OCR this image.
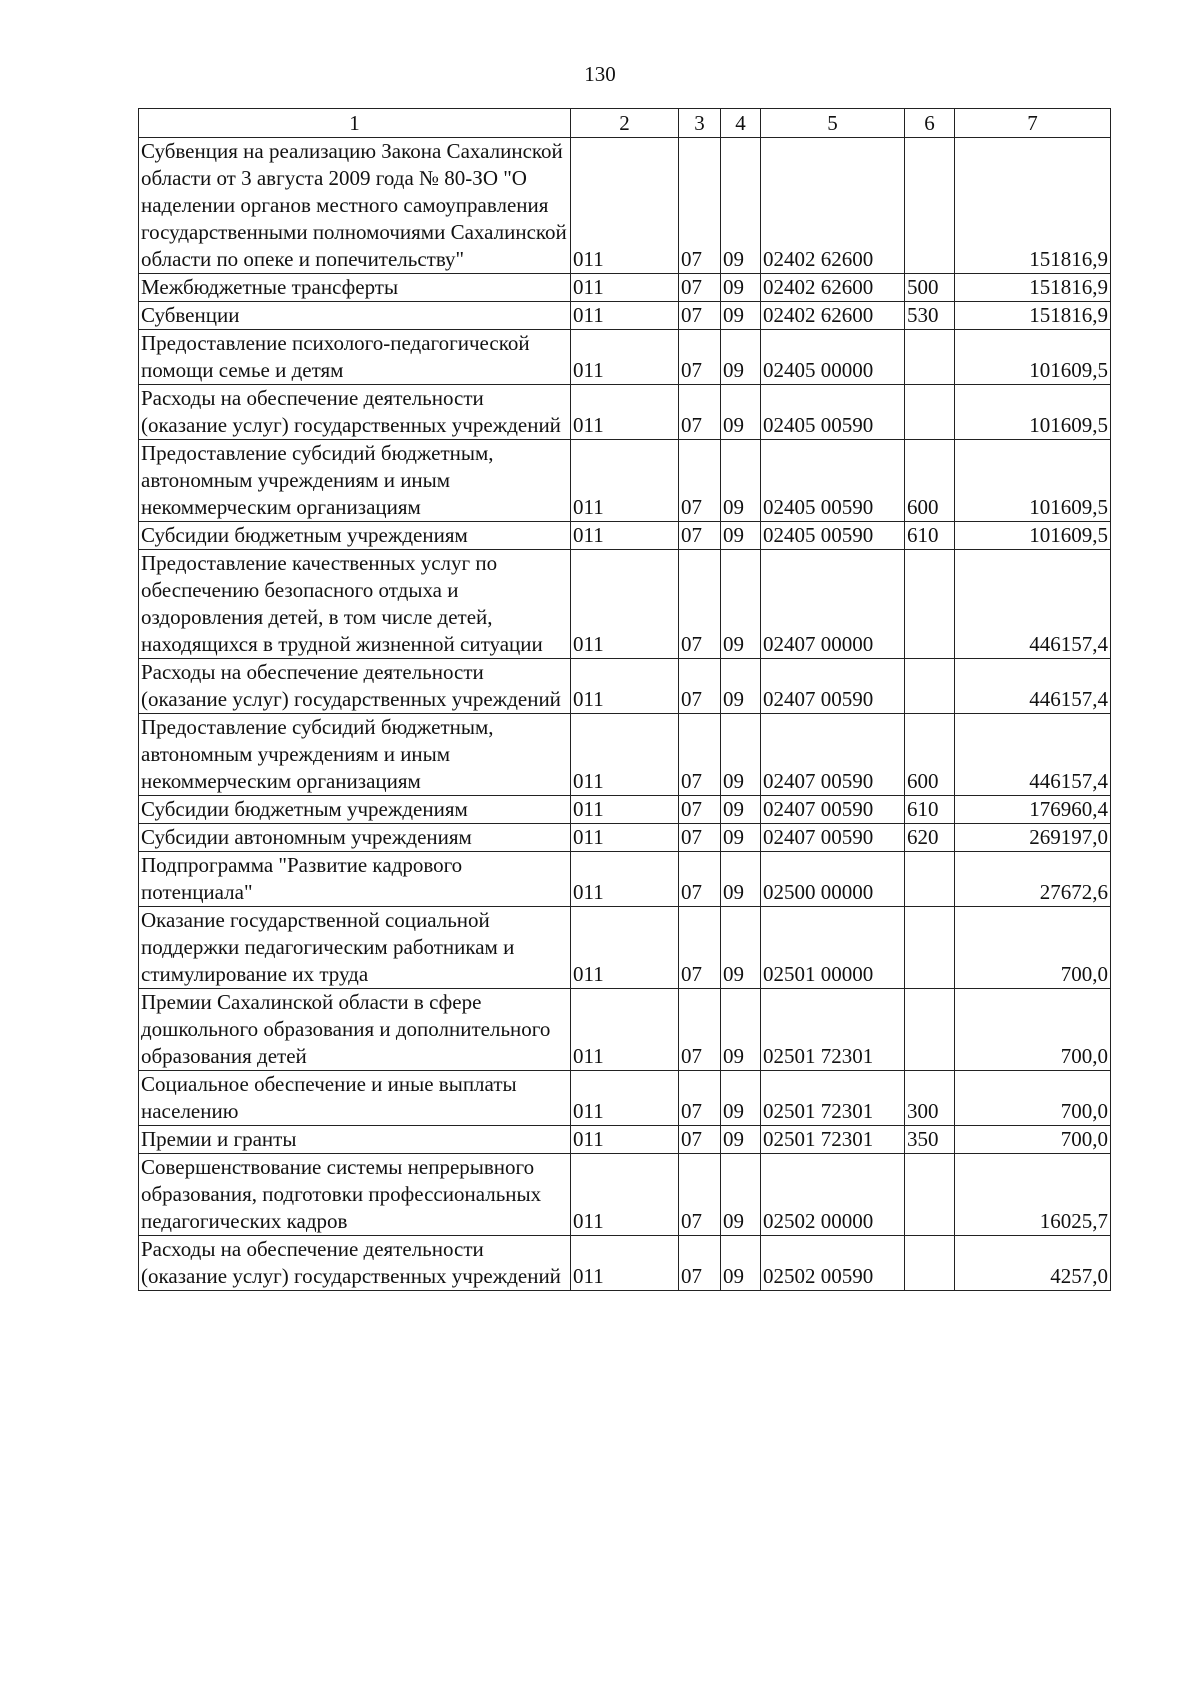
130
1	2	3	4	5	6	7
Субвенция на реализацию Закона Сахалинской области от 3 августа 2009 года № 80-ЗО "О наделении органов местного самоуправления государственными полномочиями Сахалинской области по опеке и попечительству"	011	07	09	02402 62600		151816,9
Межбюджетные трансферты	011	07	09	02402 62600	500	151816,9
Субвенции	011	07	09	02402 62600	530	151816,9
Предоставление психолого-педагогической помощи семье и детям	011	07	09	02405 00000		101609,5
Расходы на обеспечение деятельности (оказание услуг) государственных учреждений	011	07	09	02405 00590		101609,5
Предоставление субсидий бюджетным, автономным учреждениям и иным некоммерческим организациям	011	07	09	02405 00590	600	101609,5
Субсидии бюджетным учреждениям	011	07	09	02405 00590	610	101609,5
Предоставление качественных услуг по обеспечению безопасного отдыха и оздоровления детей, в том числе детей, находящихся в трудной жизненной ситуации	011	07	09	02407 00000		446157,4
Расходы на обеспечение деятельности (оказание услуг) государственных учреждений	011	07	09	02407 00590		446157,4
Предоставление субсидий бюджетным, автономным учреждениям и иным некоммерческим организациям	011	07	09	02407 00590	600	446157,4
Субсидии бюджетным учреждениям	011	07	09	02407 00590	610	176960,4
Субсидии автономным учреждениям	011	07	09	02407 00590	620	269197,0
Подпрограмма "Развитие кадрового потенциала"	011	07	09	02500 00000		27672,6
Оказание государственной социальной поддержки педагогическим работникам и стимулирование их труда	011	07	09	02501 00000		700,0
Премии Сахалинской области в сфере дошкольного образования и дополнительного образования детей	011	07	09	02501 72301		700,0
Социальное обеспечение и иные выплаты населению	011	07	09	02501 72301	300	700,0
Премии и гранты	011	07	09	02501 72301	350	700,0
Совершенствование системы непрерывного образования, подготовки профессиональных педагогических кадров	011	07	09	02502 00000		16025,7
Расходы на обеспечение деятельности (оказание услуг) государственных учреждений	011	07	09	02502 00590		4257,0
